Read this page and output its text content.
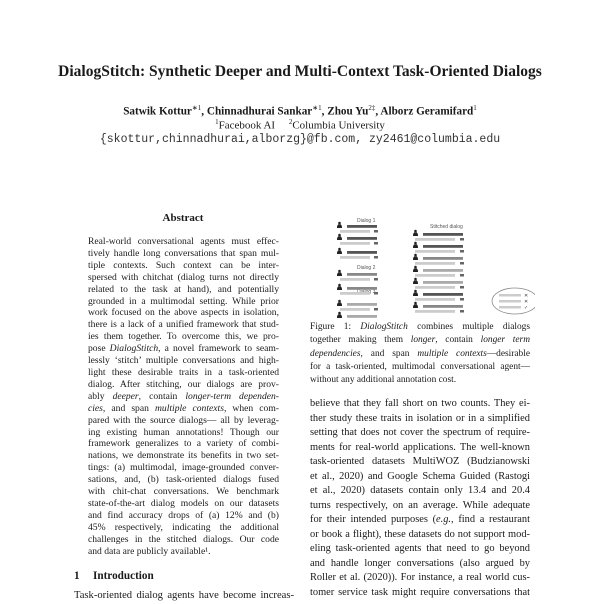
DialogStitch: Synthetic Deeper and Multi-Context Task-Oriented Dialogs
Satwik Kottur$^{∗1}$, Chinnadhurai Sankar$^{∗1}$, Zhou $Yu^{2\ddagger}$, Alborz Geramifard$^1$
$^1$Facebook AI $^2$Columbia University
{skottur,chinnadhurai,alborzg}@fb.com, zy2461@columbia.edu
Abstract
Real-world conversational agents must effec-
tively handle long conversations that span mul-
tiple contexts. Such context can be inter-
spersed with chitchat (dialog turns not directly
related to the task at hand), and potentially
grounded in a multimodal setting. While prior
work focused on the above aspects in isolation,
there is a lack of a unified framework that stud-
ies them together. To overcome this, we pro-
pose DialogStitch, a novel framework to seam-
lessly ‘stitch’ multiple conversations and high-
light these desirable traits in a task-oriented
dialog. After stitching, our dialogs are prov-
ably deeper, contain longer-term dependen-
cies, and span multiple contexts, when com-
pared with the source dialogs— all by leverag-
ing existing human annotations! Though our
framework generalizes to a variety of combi-
nations, we demonstrate its benefits in two set-
tings: (a) multimodal, image-grounded conver-
sations, and, (b) task-oriented dialogs fused
with chit-chat conversations. We benchmark
state-of-the-art dialog models on our datasets
and find accuracy drops of (a) 12% and (b)
45% respectively, indicating the additional
challenges in the stitched dialogs. Our code
and data are publicly available¹.
1 Introduction
Task-oriented dialog agents have become increas-
Dialog 1
Dialog 2
3
Stitched dialog
✕
✕
✓
Figure 1: DialogStitch combines multiple dialogs
together making them longer, contain longer term
dependencies, and span multiple contexts—desirable
for a task-oriented, multimodal conversational agent—
without any additional annotation cost.
believe that they fall short on two counts. They ei-
ther study these traits in isolation or in a simplified
setting that does not cover the spectrum of require-
ments for real-world applications. The well-known
task-oriented datasets MultiWOZ (Budzianowski
et al., 2020) and Google Schema Guided (Rastogi
et al., 2020) datasets contain only 13.4 and 20.4
turns respectively, on an average. While adequate
for their intended purposes (e.g., find a restaurant
or book a flight), these datasets do not support mod-
eling task-oriented agents that need to go beyond
and handle longer conversations (also argued by
Roller et al. (2020)). For instance, a real world cus-
tomer service task might require conversations that
